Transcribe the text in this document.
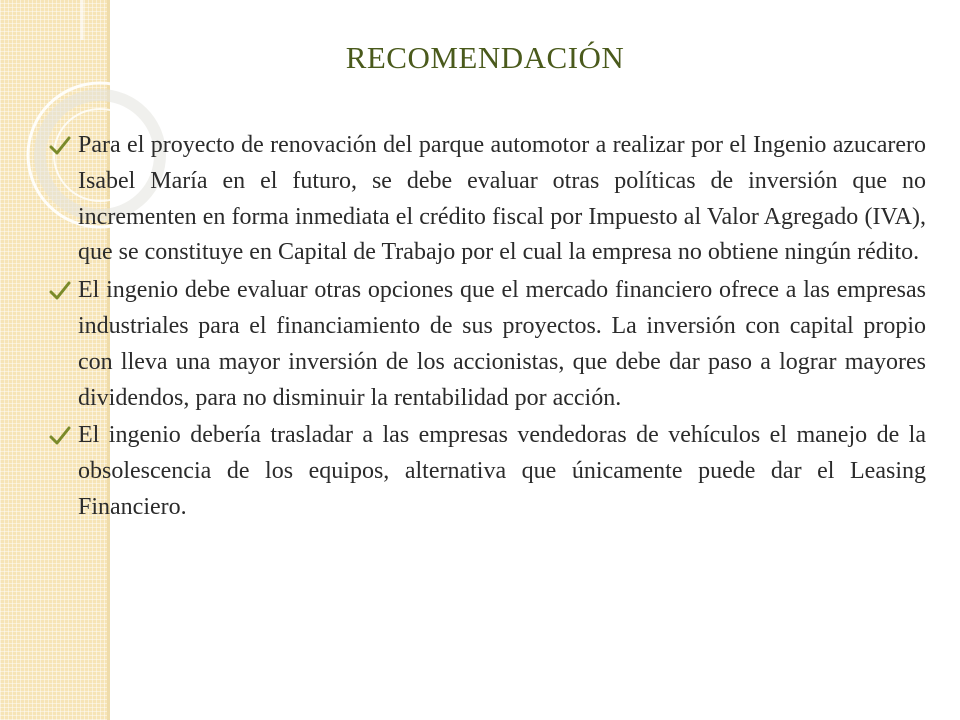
RECOMENDACIÓN
Para el proyecto de renovación del parque automotor a realizar por el Ingenio azucarero Isabel María en el futuro, se debe evaluar otras políticas de inversión que no incrementen en forma inmediata el crédito fiscal por Impuesto al Valor Agregado (IVA), que se constituye en Capital de Trabajo por el cual la empresa no obtiene ningún rédito.
El ingenio debe evaluar otras opciones que el mercado financiero ofrece a las empresas industriales para el financiamiento de sus proyectos. La inversión con capital propio con lleva una mayor inversión de los accionistas, que debe dar paso a lograr mayores dividendos, para no disminuir la rentabilidad por acción.
El ingenio debería trasladar a las empresas vendedoras de vehículos el manejo de la obsolescencia de los equipos, alternativa que únicamente puede dar el Leasing Financiero.
